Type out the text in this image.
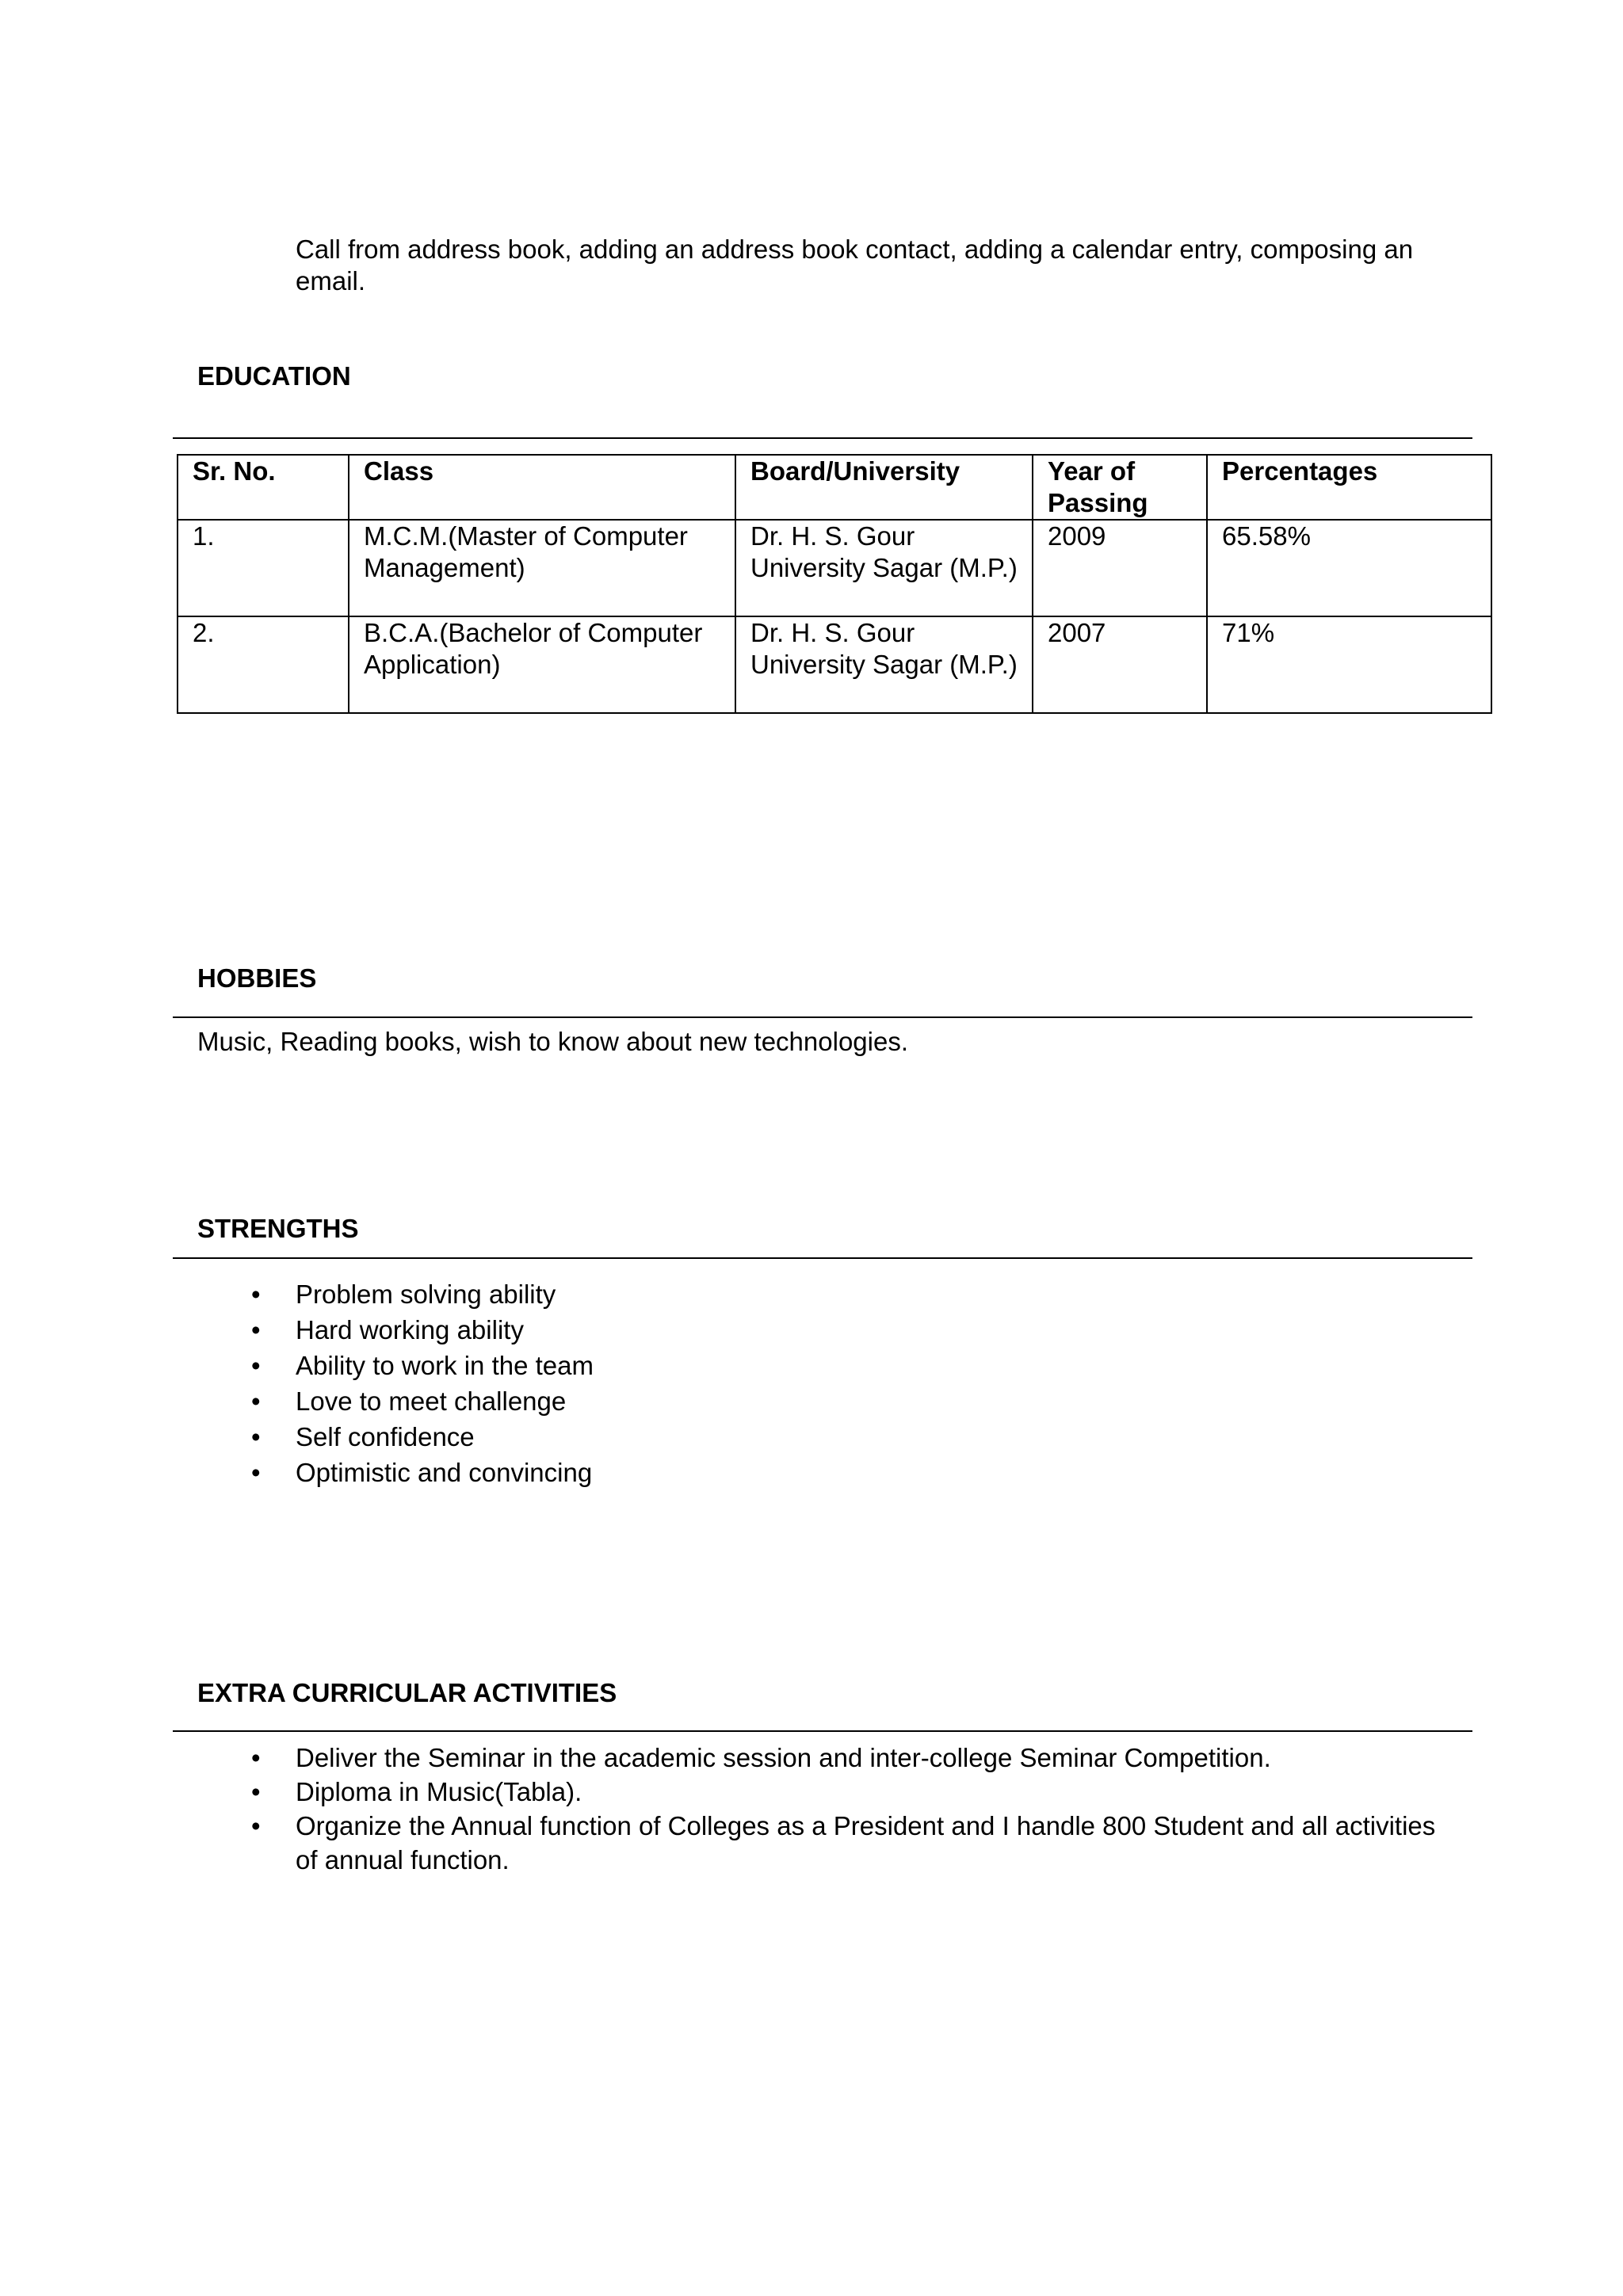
Call from address book, adding an address book contact, adding a calendar entry, composing an email.
EDUCATION
Sr. No.	Class	Board/University	Year of Passing	Percentages
1.	M.C.M.(Master of Computer Management)	Dr. H. S. Gour University Sagar (M.P.)	2009	65.58%
2.	B.C.A.(Bachelor of Computer Application)	Dr. H. S. Gour University Sagar (M.P.)	2007	71%
HOBBIES
Music, Reading books, wish to know about new technologies.
STRENGTHS
• Problem solving ability
• Hard working ability
• Ability to work in the team
• Love to meet challenge
• Self confidence
• Optimistic and convincing
EXTRA CURRICULAR ACTIVITIES
• Deliver the Seminar in the academic session and inter-college Seminar Competition.
• Diploma in Music(Tabla).
• Organize the Annual function of Colleges as a President and I handle 800 Student and all activities of annual function.
